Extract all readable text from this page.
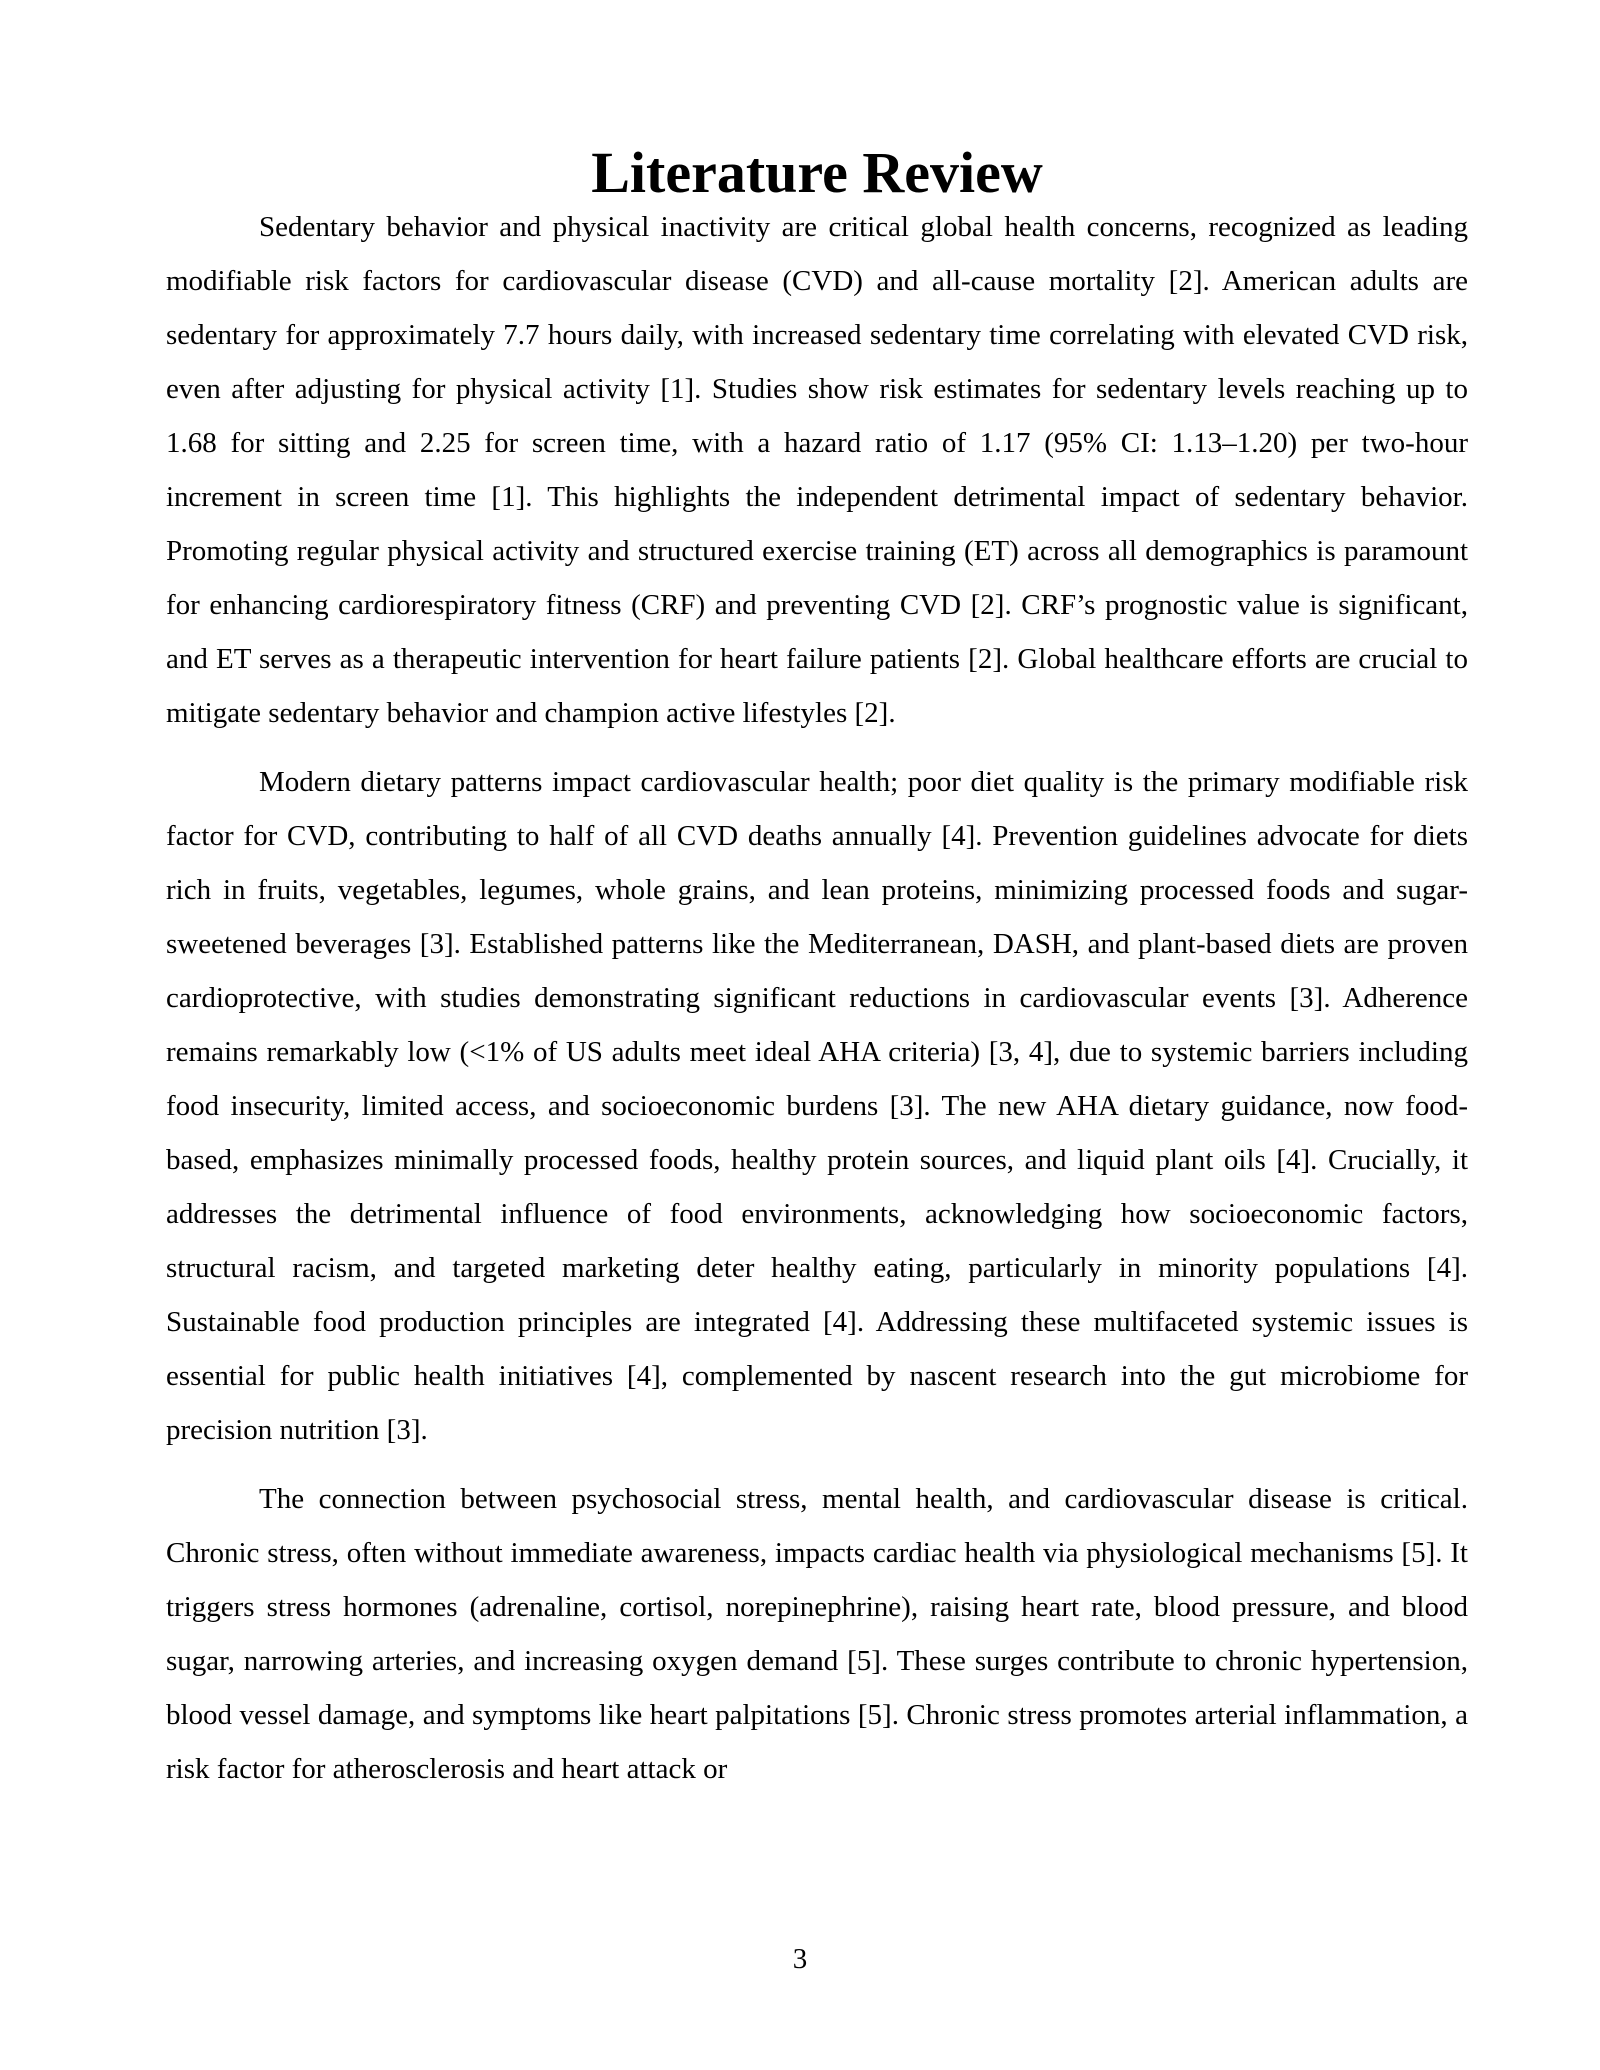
Literature Review

Sedentary behavior and physical inactivity are critical global health concerns, recognized as leading modifiable risk factors for cardiovascular disease (CVD) and all-cause mortality [2]. American adults are sedentary for approximately 7.7 hours daily, with increased sedentary time correlating with elevated CVD risk, even after adjusting for physical activity [1]. Studies show risk estimates for sedentary levels reaching up to 1.68 for sitting and 2.25 for screen time, with a hazard ratio of 1.17 (95% CI: 1.13–1.20) per two-hour increment in screen time [1]. This highlights the independent detrimental impact of sedentary behavior. Promoting regular physical activity and structured exercise training (ET) across all demographics is paramount for enhancing cardiorespiratory fitness (CRF) and preventing CVD [2]. CRF’s prognostic value is significant, and ET serves as a therapeutic intervention for heart failure patients [2]. Global healthcare efforts are crucial to mitigate sedentary behavior and champion active lifestyles [2].

Modern dietary patterns impact cardiovascular health; poor diet quality is the primary modifiable risk factor for CVD, contributing to half of all CVD deaths annually [4]. Prevention guidelines advocate for diets rich in fruits, vegetables, legumes, whole grains, and lean proteins, minimizing processed foods and sugar-sweetened beverages [3]. Established patterns like the Mediterranean, DASH, and plant-based diets are proven cardioprotective, with studies demonstrating significant reductions in cardiovascular events [3]. Adherence remains remarkably low (<1% of US adults meet ideal AHA criteria) [3, 4], due to systemic barriers including food insecurity, limited access, and socioeconomic burdens [3]. The new AHA dietary guidance, now food-based, emphasizes minimally processed foods, healthy protein sources, and liquid plant oils [4]. Crucially, it addresses the detrimental influence of food environments, acknowledging how socioeconomic factors, structural racism, and targeted marketing deter healthy eating, particularly in minority populations [4]. Sustainable food production principles are integrated [4]. Addressing these multifaceted systemic issues is essential for public health initiatives [4], complemented by nascent research into the gut microbiome for precision nutrition [3].

The connection between psychosocial stress, mental health, and cardiovascular disease is critical. Chronic stress, often without immediate awareness, impacts cardiac health via physiological mechanisms [5]. It triggers stress hormones (adrenaline, cortisol, norepinephrine), raising heart rate, blood pressure, and blood sugar, narrowing arteries, and increasing oxygen demand [5]. These surges contribute to chronic hypertension, blood vessel damage, and symptoms like heart palpitations [5]. Chronic stress promotes arterial inflammation, a risk factor for atherosclerosis and heart attack or

3
